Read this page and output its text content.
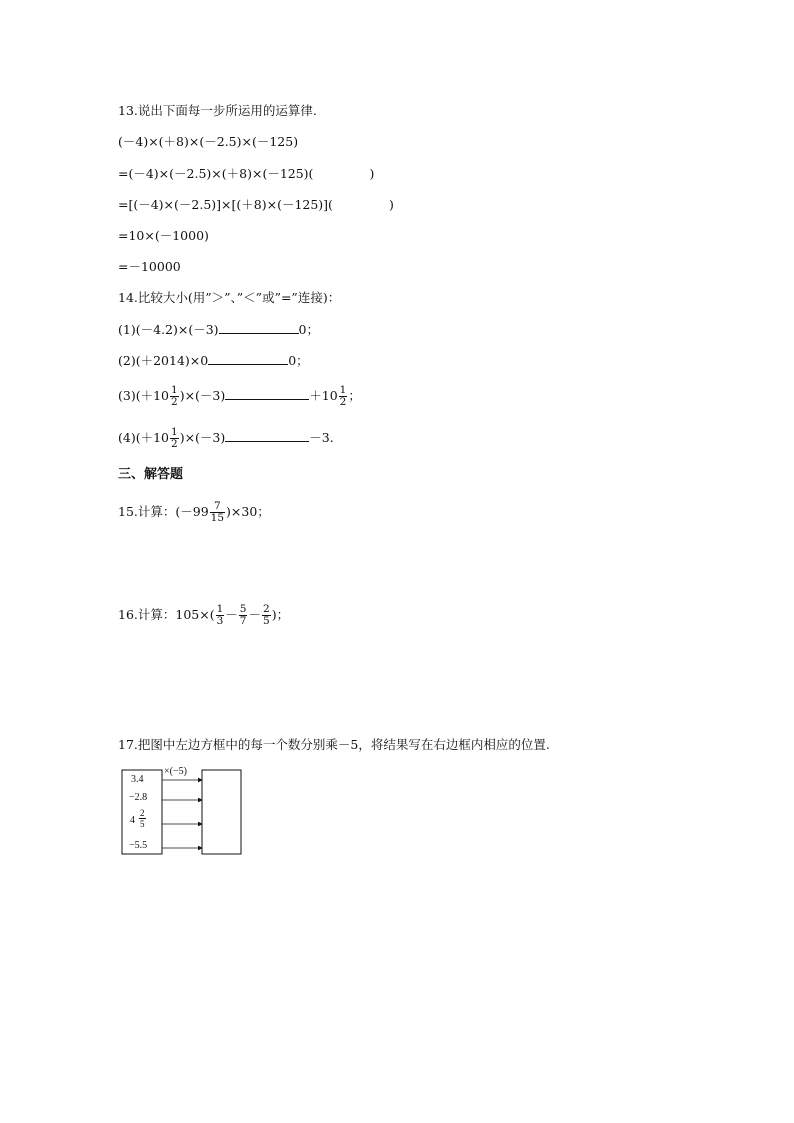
13.说出下面每一步所运用的运算律.
(－4)×(＋8)×(－2.5)×(－125)
=(－4)×(－2.5)×(＋8)×(－125)(	)
=[(－4)×(－2.5)]×[(＋8)×(－125)](	)
=10×(－1000)
=－10000
14.比较大小(用”＞”、”＜”或”=”连接)：
(1)(－4.2)×(－3)	0；
(2)(＋2014)×0	0；
$(3)(+10 \frac{1}{2} )\times(-3)$	$+10 \frac{1}{2}$ ；
$(4)(+10 \frac{1}{2} )\times(-3)$	－3.
三、解答题
15.计算：$(-99 \frac{7}{15} )\times 30$；
16.计算：$105\times( \frac{1}{3} - \frac{5}{7} - \frac{2}{5}$ )；
17.把图中左边方框中的每一个数分别乘－5，将结果写在右边框内相应的位置.
×(−5)
3.4
−2.8
$4 \frac{2}{5}$
−5.5
